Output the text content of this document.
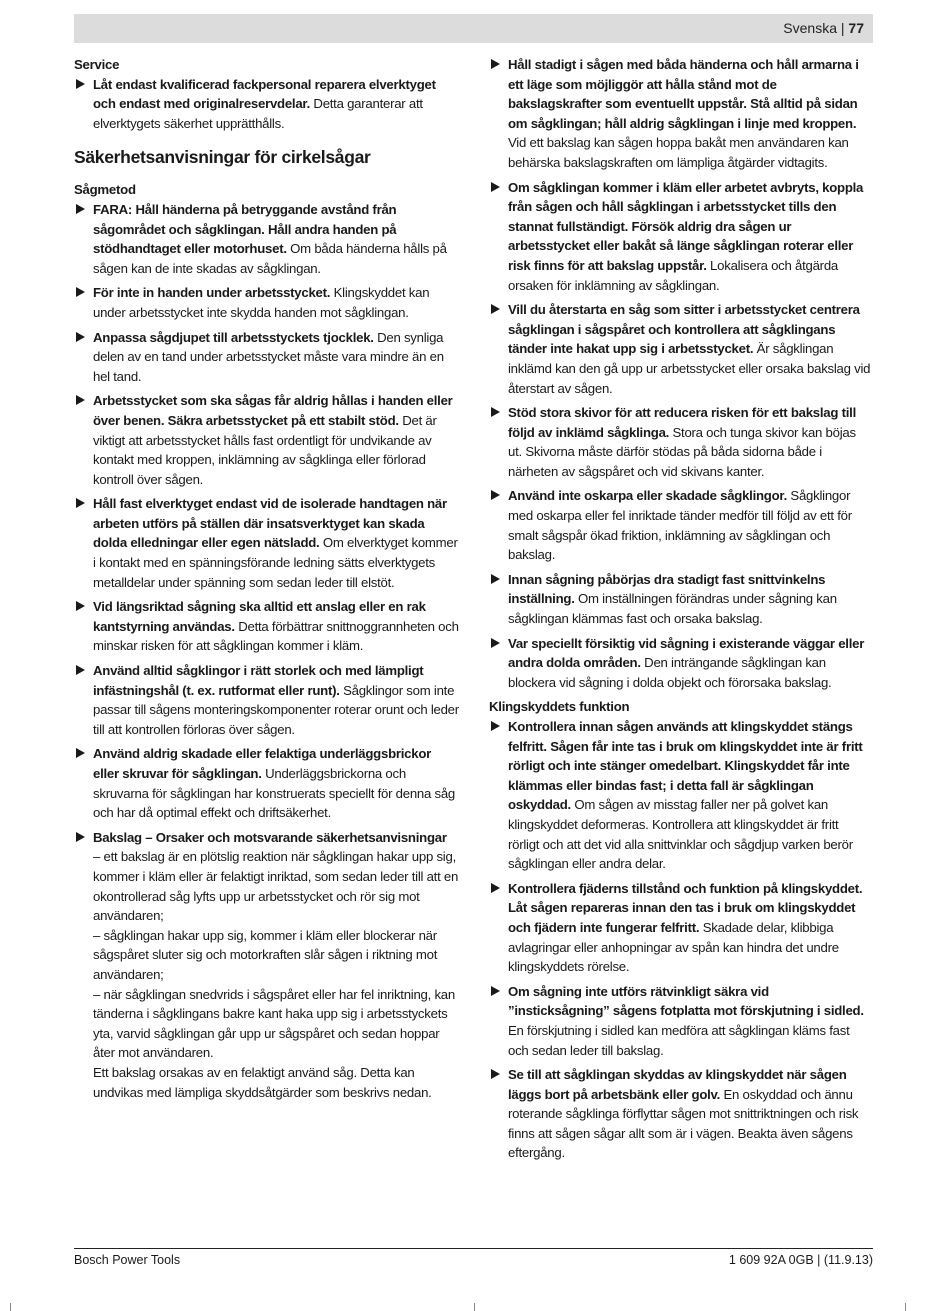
Svenska | 77

Service

Låt endast kvalificerad fackpersonal reparera elverktyget och endast med originalreservdelar. Detta garanterar att elverktygets säkerhet upprätthålls.
Säkerhetsanvisningar för cirkelsågar

Sågmetod

FARA: Håll händerna på betryggande avstånd från sågområdet och sågklingan. Håll andra handen på stödhandtaget eller motorhuset. Om båda händerna hålls på sågen kan de inte skadas av sågklingan.
För inte in handen under arbetsstycket. Klingskyddet kan under arbetsstycket inte skydda handen mot sågklingan.
Anpassa sågdjupet till arbetsstyckets tjocklek. Den synliga delen av en tand under arbetsstycket måste vara mindre än en hel tand.
Arbetsstycket som ska sågas får aldrig hållas i handen eller över benen. Säkra arbetsstycket på ett stabilt stöd. Det är viktigt att arbetsstycket hålls fast ordentligt för undvikande av kontakt med kroppen, inklämning av sågklinga eller förlorad kontroll över sågen.
Håll fast elverktyget endast vid de isolerade handtagen när arbeten utförs på ställen där insatsverktyget kan skada dolda elledningar eller egen nätsladd. Om elverktyget kommer i kontakt med en spänningsförande ledning sätts elverktygets metalldelar under spänning som sedan leder till elstöt.
Vid längsriktad sågning ska alltid ett anslag eller en rak kantstyrning användas. Detta förbättrar snittnoggrannheten och minskar risken för att sågklingan kommer i kläm.
Använd alltid sågklingor i rätt storlek och med lämpligt infästningshål (t. ex. rutformat eller runt). Sågklingor som inte passar till sågens monteringskomponenter roterar orunt och leder till att kontrollen förloras över sågen.
Använd aldrig skadade eller felaktiga underläggsbrickor eller skruvar för sågklingan. Underläggsbrickorna och skruvarna för sågklingan har konstruerats speciellt för denna såg och har då optimal effekt och driftsäkerhet.
Bakslag – Orsaker och motsvarande säkerhetsanvisningar
– ett bakslag är en plötslig reaktion när sågklingan hakar upp sig, kommer i kläm eller är felaktigt inriktad, som sedan leder till att en okontrollerad såg lyfts upp ur arbetsstycket och rör sig mot användaren;
– sågklingan hakar upp sig, kommer i kläm eller blockerar när sågspåret sluter sig och motorkraften slår sågen i riktning mot användaren;
– när sågklingan snedvrids i sågspåret eller har fel inriktning, kan tänderna i sågklingans bakre kant haka upp sig i arbetsstyckets yta, varvid sågklingan går upp ur sågspåret och sedan hoppar åter mot användaren.
Ett bakslag orsakas av en felaktigt använd såg. Detta kan undvikas med lämpliga skyddsåtgärder som beskrivs nedan.
Håll stadigt i sågen med båda händerna och håll armarna i ett läge som möjliggör att hålla stånd mot de bakslagskrafter som eventuellt uppstår. Stå alltid på sidan om sågklingan; håll aldrig sågklingan i linje med kroppen. Vid ett bakslag kan sågen hoppa bakåt men användaren kan behärska bakslagskraften om lämpliga åtgärder vidtagits.
Om sågklingan kommer i kläm eller arbetet avbryts, koppla från sågen och håll sågklingan i arbetsstycket tills den stannat fullständigt. Försök aldrig dra sågen ur arbetsstycket eller bakåt så länge sågklingan roterar eller risk finns för att bakslag uppstår. Lokalisera och åtgärda orsaken för inklämning av sågklingan.
Vill du återstarta en såg som sitter i arbetsstycket centrera sågklingan i sågspåret och kontrollera att sågklingans tänder inte hakat upp sig i arbetsstycket. Är sågklingan inklämd kan den gå upp ur arbetsstycket eller orsaka bakslag vid återstart av sågen.
Stöd stora skivor för att reducera risken för ett bakslag till följd av inklämd sågklinga. Stora och tunga skivor kan böjas ut. Skivorna måste därför stödas på båda sidorna både i närheten av sågspåret och vid skivans kanter.
Använd inte oskarpa eller skadade sågklingor. Sågklingor med oskarpa eller fel inriktade tänder medför till följd av ett för smalt sågspår ökad friktion, inklämning av sågklingan och bakslag.
Innan sågning påbörjas dra stadigt fast snittvinkelns inställning. Om inställningen förändras under sågning kan sågklingan klämmas fast och orsaka bakslag.
Var speciellt försiktig vid sågning i existerande väggar eller andra dolda områden. Den inträngande sågklingan kan blockera vid sågning i dolda objekt och förorsaka bakslag.

Klingskyddets funktion

Kontrollera innan sågen används att klingskyddet stängs felfritt. Sågen får inte tas i bruk om klingskyddet inte är fritt rörligt och inte stänger omedelbart. Klingskyddet får inte klämmas eller bindas fast; i detta fall är sågklingan oskyddad. Om sågen av misstag faller ner på golvet kan klingskyddet deformeras. Kontrollera att klingskyddet är fritt rörligt och att det vid alla snittvinklar och sågdjup varken berör sågklingan eller andra delar.
Kontrollera fjäderns tillstånd och funktion på klingskyddet. Låt sågen repareras innan den tas i bruk om klingskyddet och fjädern inte fungerar felfritt. Skadade delar, klibbiga avlagringar eller anhopningar av spån kan hindra det undre klingskyddets rörelse.
Om sågning inte utförs rätvinkligt säkra vid ”insticksågning” sågens fotplatta mot förskjutning i sidled. En förskjutning i sidled kan medföra att sågklingan kläms fast och sedan leder till bakslag.
Se till att sågklingan skyddas av klingskyddet när sågen läggs bort på arbetsbänk eller golv. En oskyddad och ännu roterande sågklinga förflyttar sågen mot snittriktningen och risk finns att sågen sågar allt som är i vägen. Beakta även sågens eftergång.
Bosch Power Tools	1 609 92A 0GB | (11.9.13)
